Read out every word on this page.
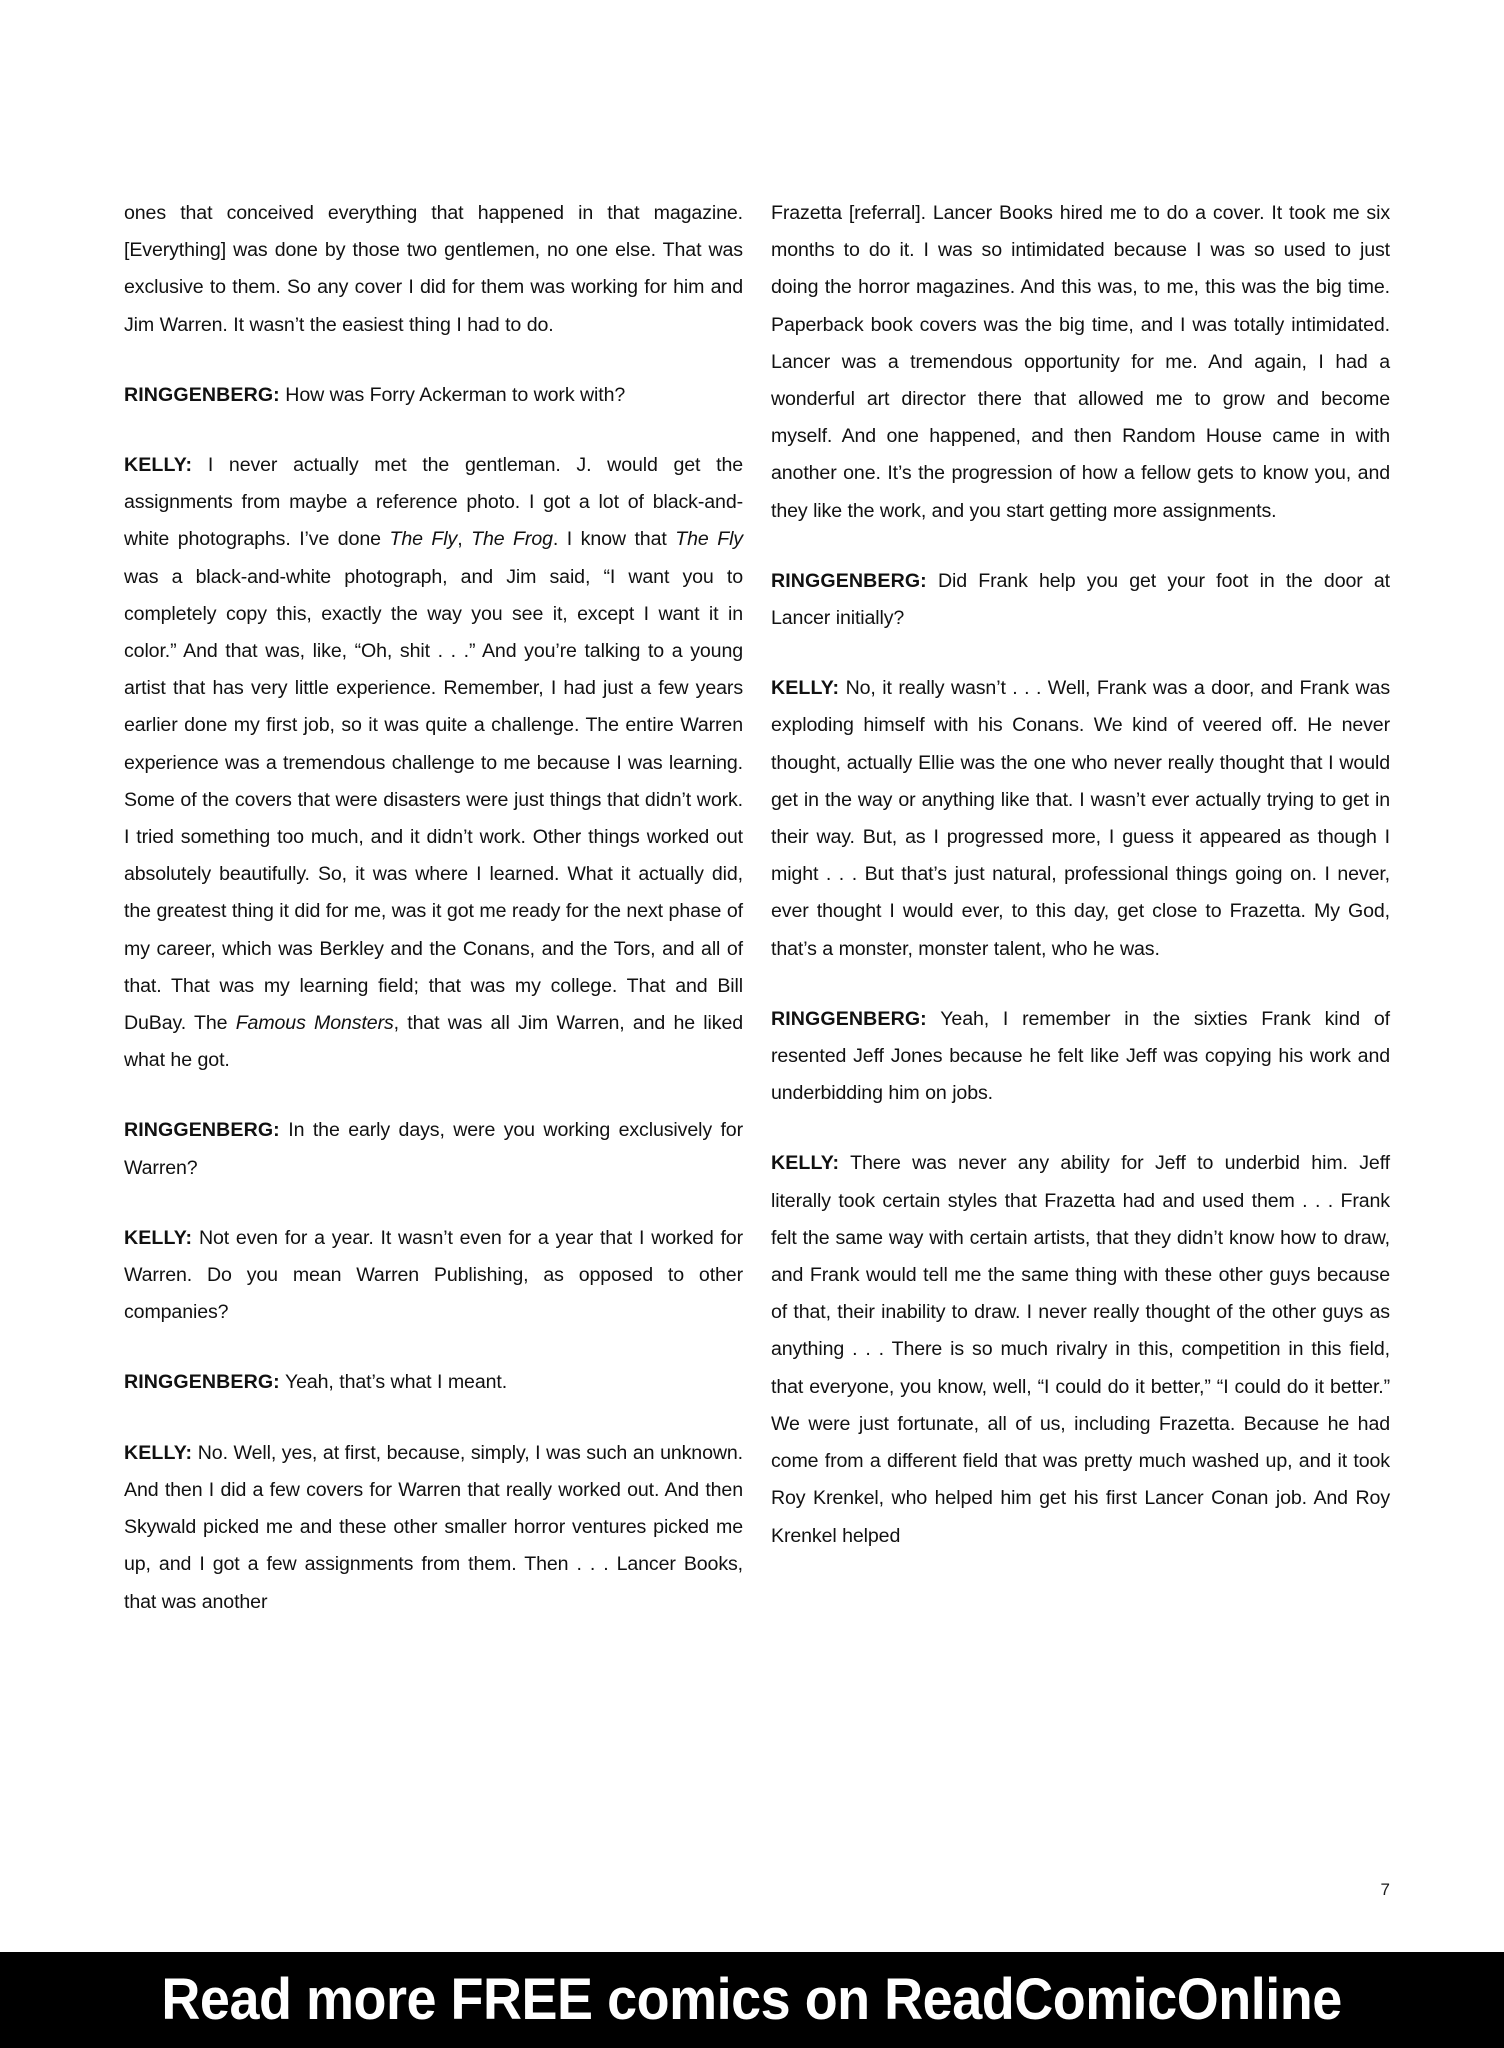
ones that conceived everything that happened in that magazine. [Everything] was done by those two gentlemen, no one else. That was exclusive to them. So any cover I did for them was working for him and Jim Warren. It wasn’t the easiest thing I had to do.

RINGGENBERG: How was Forry Ackerman to work with?

KELLY: I never actually met the gentleman. J. would get the assignments from maybe a reference photo. I got a lot of black-and-white photographs. I’ve done The Fly, The Frog. I know that The Fly was a black-and-white photograph, and Jim said, “I want you to completely copy this, exactly the way you see it, except I want it in color.” And that was, like, “Oh, shit . . .” And you’re talking to a young artist that has very little experience. Remember, I had just a few years earlier done my first job, so it was quite a challenge. The entire Warren experience was a tremendous challenge to me because I was learning. Some of the covers that were disasters were just things that didn’t work. I tried something too much, and it didn’t work. Other things worked out absolutely beautifully. So, it was where I learned. What it actually did, the greatest thing it did for me, was it got me ready for the next phase of my career, which was Berkley and the Conans, and the Tors, and all of that. That was my learning field; that was my college. That and Bill DuBay. The Famous Monsters, that was all Jim Warren, and he liked what he got.

RINGGENBERG: In the early days, were you working exclusively for Warren?

KELLY: Not even for a year. It wasn’t even for a year that I worked for Warren. Do you mean Warren Publishing, as opposed to other companies?

RINGGENBERG: Yeah, that’s what I meant.

KELLY: No. Well, yes, at first, because, simply, I was such an unknown. And then I did a few covers for Warren that really worked out. And then Skywald picked me and these other smaller horror ventures picked me up, and I got a few assignments from them. Then . . . Lancer Books, that was another

Frazetta [referral]. Lancer Books hired me to do a cover. It took me six months to do it. I was so intimidated because I was so used to just doing the horror magazines. And this was, to me, this was the big time. Paperback book covers was the big time, and I was totally intimidated. Lancer was a tremendous opportunity for me. And again, I had a wonderful art director there that allowed me to grow and become myself. And one happened, and then Random House came in with another one. It’s the progression of how a fellow gets to know you, and they like the work, and you start getting more assignments.

RINGGENBERG: Did Frank help you get your foot in the door at Lancer initially?

KELLY: No, it really wasn’t . . . Well, Frank was a door, and Frank was exploding himself with his Conans. We kind of veered off. He never thought, actually Ellie was the one who never really thought that I would get in the way or anything like that. I wasn’t ever actually trying to get in their way. But, as I progressed more, I guess it appeared as though I might . . . But that’s just natural, professional things going on. I never, ever thought I would ever, to this day, get close to Frazetta. My God, that’s a monster, monster talent, who he was.

RINGGENBERG: Yeah, I remember in the sixties Frank kind of resented Jeff Jones because he felt like Jeff was copying his work and underbidding him on jobs.

KELLY: There was never any ability for Jeff to underbid him. Jeff literally took certain styles that Frazetta had and used them . . . Frank felt the same way with certain artists, that they didn’t know how to draw, and Frank would tell me the same thing with these other guys because of that, their inability to draw. I never really thought of the other guys as anything . . . There is so much rivalry in this, competition in this field, that everyone, you know, well, “I could do it better,” “I could do it better.” We were just fortunate, all of us, including Frazetta. Because he had come from a different field that was pretty much washed up, and it took Roy Krenkel, who helped him get his first Lancer Conan job. And Roy Krenkel helped

7
Read more FREE comics on ReadComicOnline
